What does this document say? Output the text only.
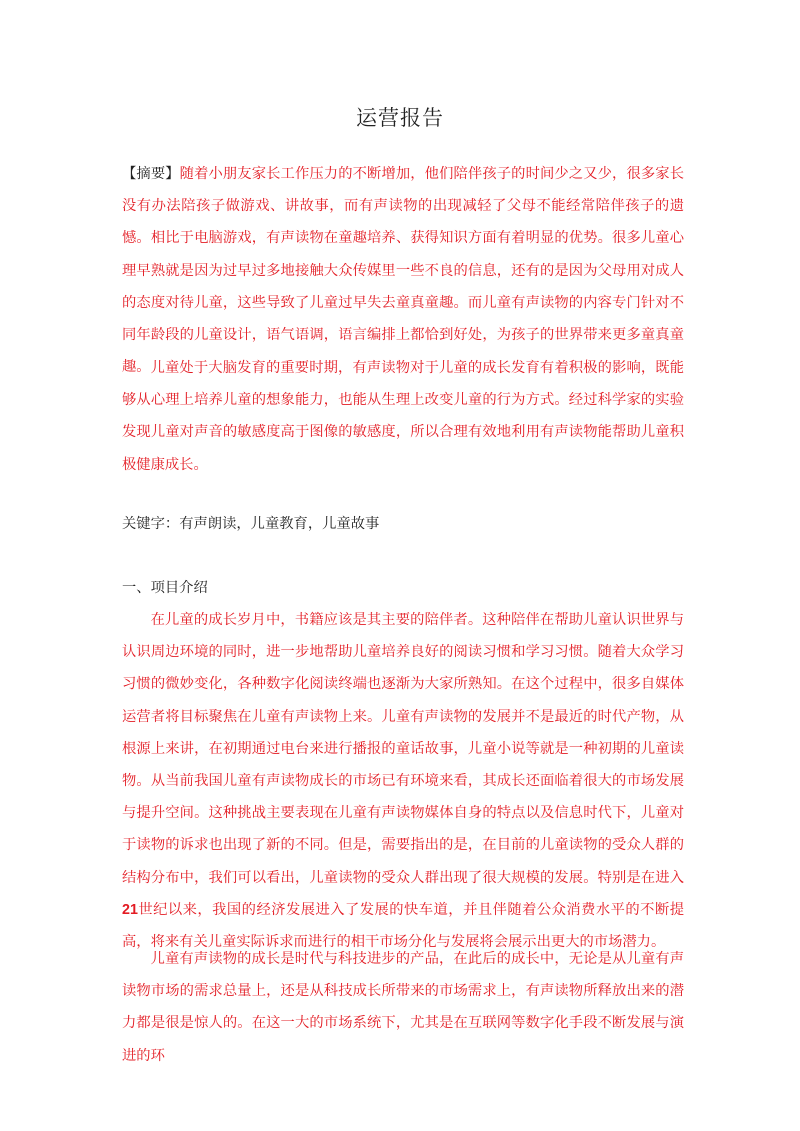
运营报告

【摘要】随着小朋友家长工作压力的不断增加，他们陪伴孩子的时间少之又少，很多家长没有办法陪孩子做游戏、讲故事，而有声读物的出现减轻了父母不能经常陪伴孩子的遗憾。相比于电脑游戏，有声读物在童趣培养、获得知识方面有着明显的优势。很多儿童心理早熟就是因为过早过多地接触大众传媒里一些不良的信息，还有的是因为父母用对成人的态度对待儿童，这些导致了儿童过早失去童真童趣。而儿童有声读物的内容专门针对不同年龄段的儿童设计，语气语调，语言编排上都恰到好处，为孩子的世界带来更多童真童趣。 儿童处于大脑发育的重要时期，有声读物对于儿童的成长发育有着积极的影响，既能够从心理上培养儿童的想象能力，也能从生理上改变儿童的行为方式。经过科学家的实验发现儿童对声音的敏感度高于图像的敏感度，所以合理有效地利用有声读物能帮助儿童积极健康成长。

关键字：有声朗读，儿童教育，儿童故事

一、项目介绍

在儿童的成长岁月中，书籍应该是其主要的陪伴者。这种陪伴在帮助儿童认识世界与认识周边环境的同时，进一步地帮助儿童培养良好的阅读习惯和学习习惯。随着大众学习习惯的微妙变化，各种数字化阅读终端也逐渐为大家所熟知。在这个过程中，很多自媒体运营者将目标聚焦在儿童有声读物上来。儿童有声读物的发展并不是最近的时代产物，从根源上来讲，在初期通过电台来进行播报的童话故事，儿童小说等就是一种初期的儿童读物。从当前我国儿童有声读物成长的市场已有环境来看，其成长还面临着很大的市场发展与提升空间。这种挑战主要表现在儿童有声读物媒体自身的特点以及信息时代下，儿童对于读物的诉求也出现了新的不同。但是，需要指出的是，在目前的儿童读物的受众人群的结构分布中，我们可以看出，儿童读物的受众人群出现了很大规模的发展。特别是在进入21世纪以来，我国的经济发展进入了发展的快车道，并且伴随着公众消费水平的不断提高，将来有关儿童实际诉求而进行的相干市场分化与发展将会展示出更大的市场潜力。

儿童有声读物的成长是时代与科技进步的产品，在此后的成长中，无论是从儿童有声读物市场的需求总量上，还是从科技成长所带来的市场需求上，有声读物所释放出来的潜力都是很是惊人的。在这一大的市场系统下，尤其是在互联网等数字化手段不断发展与演进的环
